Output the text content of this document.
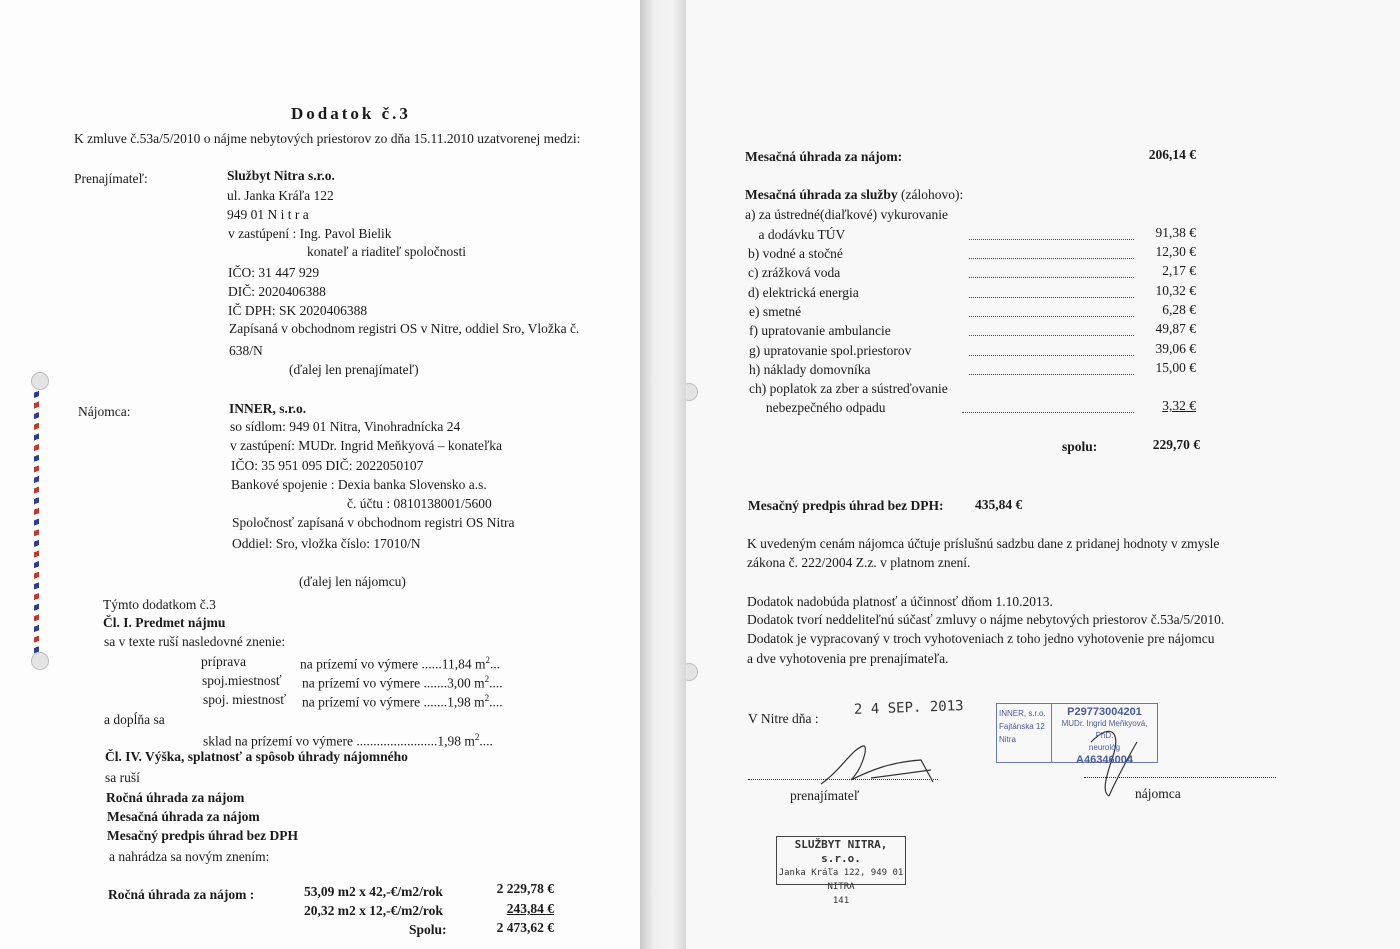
Dodatok č.3
K zmluve č.53a/5/2010 o nájme nebytových priestorov zo dňa 15.11.2010 uzatvorenej medzi:
Prenajímateľ:	Službyt Nitra s.r.o.
ul. Janka Kráľa 122
949 01 N i t r a
v zastúpení : Ing. Pavol Bielik
konateľ a riaditeľ spoločnosti
IČO: 31 447 929
DIČ: 2020406388
IČ DPH: SK 2020406388
Zapísaná v obchodnom registri OS v Nitre, oddiel Sro, Vložka č.
638/N
(ďalej len prenajímateľ)
Nájomca:	INNER, s.r.o.
so sídlom: 949 01 Nitra, Vinohradnícka 24
v zastúpení: MUDr. Ingrid Meňkyová – konateľka
IČO: 35 951 095 DIČ: 2022050107
Bankové spojenie : Dexia banka Slovensko a.s.
č. účtu : 0810138001/5600
Spoločnosť zapísaná v obchodnom registri OS Nitra
Oddiel: Sro, vložka číslo: 17010/N
(ďalej len nájomcu)
Týmto dodatkom č.3
Čl. I. Predmet nájmu
sa v texte ruší nasledovné znenie:
príprava	na prízemí vo výmere ......11,84 $m^2$...
spoj.miestnosť na prízemí vo výmere .......3,00 $m^2$....
spoj. miestnosť na prízemí vo výmere .......1,98 $m^2$....
a dopĺňa sa
sklad na prízemí vo výmere ........................1,98 $m^2$....
Čl. IV. Výška, splatnosť a spôsob úhrady nájomného
sa ruší
Ročná úhrada za nájom
Mesačná úhrada za nájom
Mesačný predpis úhrad bez DPH
a nahrádza sa novým znením:
Ročná úhrada za nájom :	53,09 m2 x 42,-€/m2/rok	2 229,78 €
20,32 m2 x 12,-€/m2/rok	243,84 €
Spolu:	2 473,62 €
Mesačná úhrada za nájom:	206,14 €
Mesačná úhrada za služby (zálohovo):
a) za ústredné(diaľkové) vykurovanie
a dodávku TÚV	91,38 €
b) vodné a stočné	12,30 €
c) zrážková voda	2,17 €
d) elektrická energia	10,32 €
e) smetné	6,28 €
f) upratovanie ambulancie	49,87 €
g) upratovanie spol.priestorov	39,06 €
h) náklady domovníka	15,00 €
ch) poplatok za zber a sústreďovanie
nebezpečného odpadu	3,32 €
spolu:	229,70 €
Mesačný predpis úhrad bez DPH: 435,84 €
K uvedeným cenám nájomca účtuje príslušnú sadzbu dane z pridanej hodnoty v zmysle
zákona č. 222/2004 Z.z. v platnom znení.
Dodatok nadobúda platnosť a účinnosť dňom 1.10.2013.
Dodatok tvorí neddeliteľnú súčasť zmluvy o nájme nebytových priestorov č.53a/5/2010.
Dodatok je vypracovaný v troch vyhotoveniach z toho jedno vyhotovenie pre nájomcu
a dve vyhotovenia pre prenajímateľa.
V Nitre dňa :
2 4 SEP. 2013
prenajímateľ	nájomca
INNER, s.r.o.
Fajtánska 12
Nitra
P29773004201
MUDr. Ingrid Meňkyová, PhD.
neurológ
A46346004
SLUŽBYT NITRA, s.r.o.
Janka Kráľa 122, 949 01 NITRA
141
